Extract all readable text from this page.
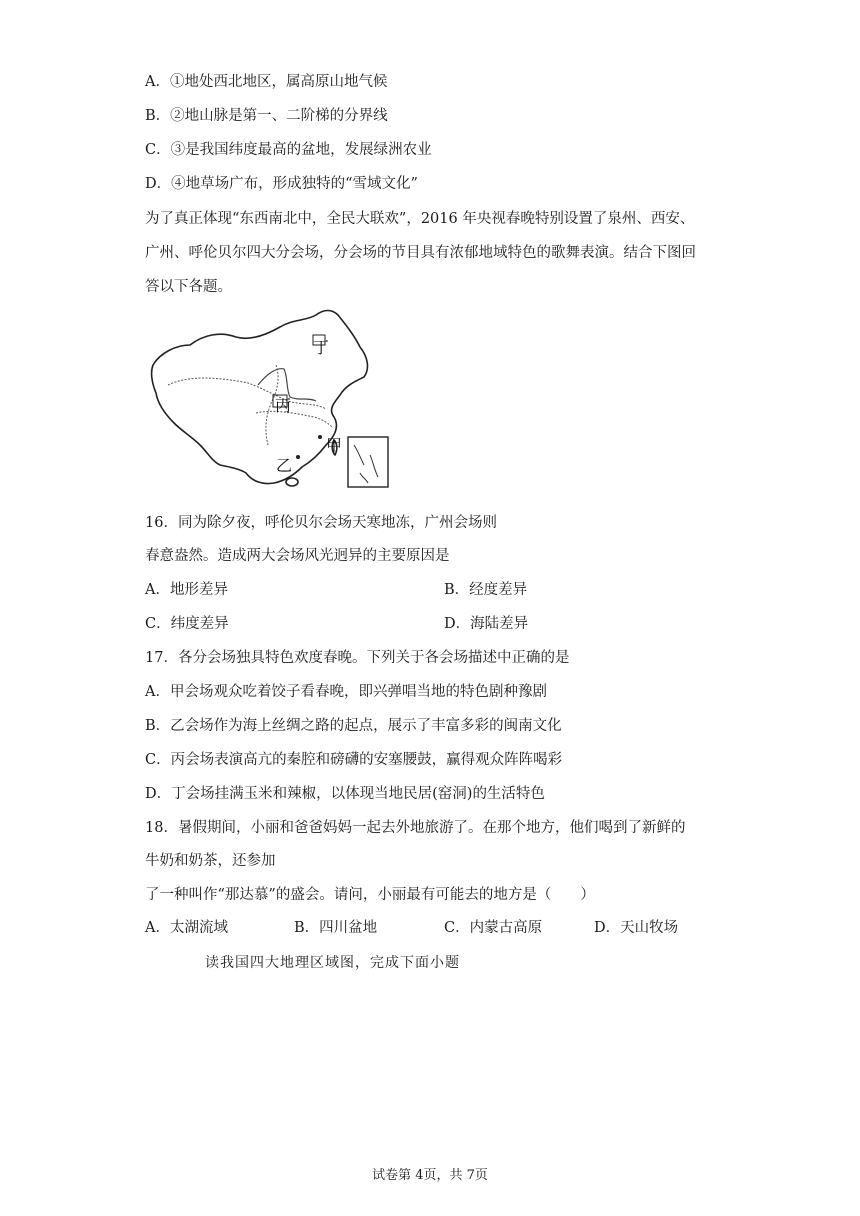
A．①地处西北地区，属高原山地气候
B．②地山脉是第一、二阶梯的分界线
C．③是我国纬度最高的盆地，发展绿洲农业
D．④地草场广布，形成独特的“雪域文化”
为了真正体现“东西南北中，全民大联欢”，2016 年央视春晚特别设置了泉州、西安、
广州、呼伦贝尔四大分会场，分会场的节目具有浓郁地域特色的歌舞表演。结合下图回
答以下各题。
丁
丙
甲
乙
16．同为除夕夜，呼伦贝尔会场天寒地冻，广州会场则
春意盎然。造成两大会场风光迥异的主要原因是
A．地形差异	B．经度差异
C．纬度差异	D．海陆差异
17．各分会场独具特色欢度春晚。下列关于各会场描述中正确的是
A．甲会场观众吃着饺子看春晚，即兴弹唱当地的特色剧种豫剧
B．乙会场作为海上丝绸之路的起点，展示了丰富多彩的闽南文化
C．丙会场表演高亢的秦腔和磅礴的安塞腰鼓，赢得观众阵阵喝彩
D．丁会场挂满玉米和辣椒，以体现当地民居(窑洞)的生活特色
18．暑假期间，小丽和爸爸妈妈一起去外地旅游了。在那个地方，他们喝到了新鲜的
牛奶和奶茶，还参加
了一种叫作“那达慕”的盛会。请问，小丽最有可能去的地方是（　　）
A．太湖流域	B．四川盆地	C．内蒙古高原	D．天山牧场
读我国四大地理区域图，完成下面小题
试卷第 4页，共 7页
